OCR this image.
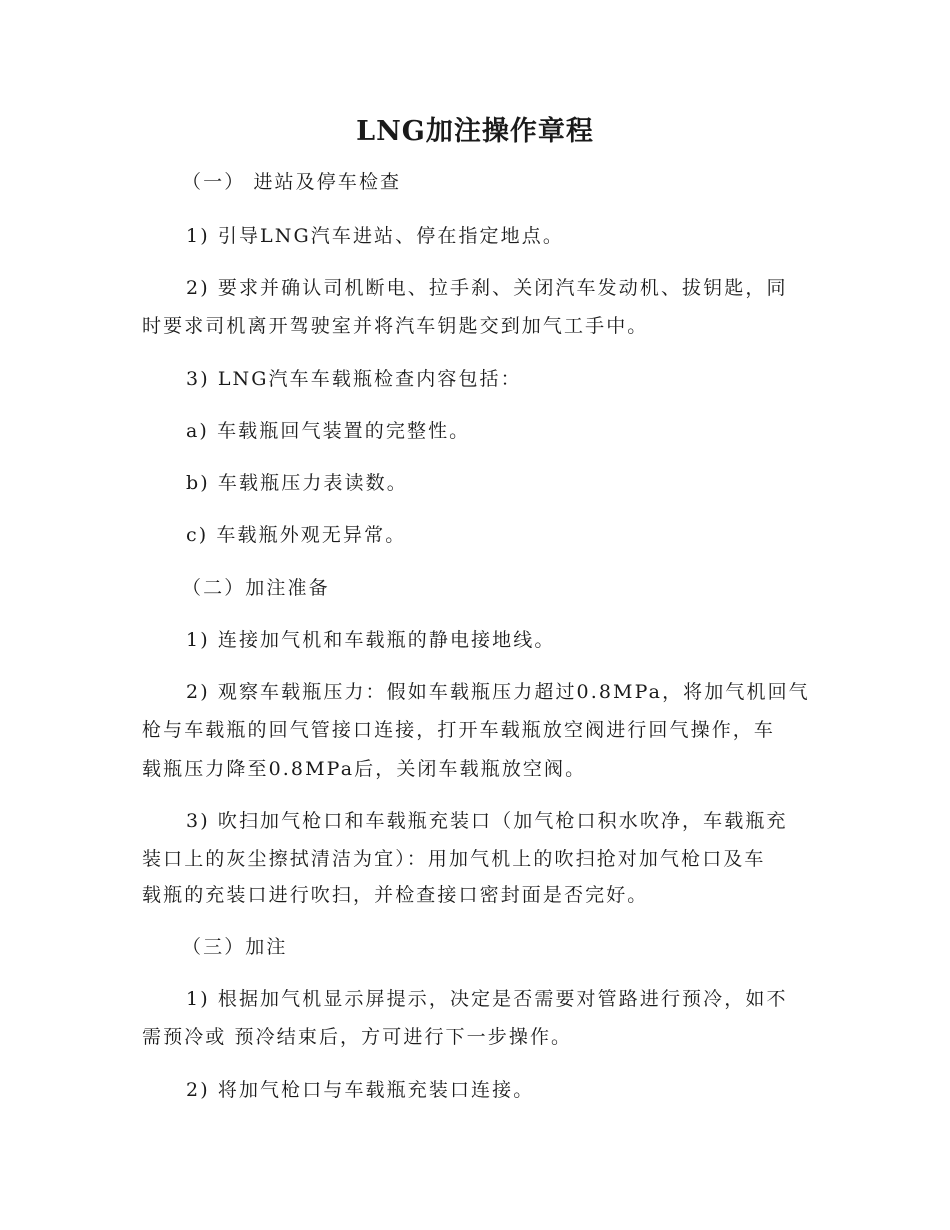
LNG加注操作章程
（一） 进站及停车检查
1) 引导LNG汽车进站、停在指定地点。
2) 要求并确认司机断电、拉手刹、关闭汽车发动机、拔钥匙，同
时要求司机离开驾驶室并将汽车钥匙交到加气工手中。
3) LNG汽车车载瓶检查内容包括：
a) 车载瓶回气装置的完整性。
b) 车载瓶压力表读数。
c) 车载瓶外观无异常。
（二）加注准备
1) 连接加气机和车载瓶的静电接地线。
2) 观察车载瓶压力：假如车载瓶压力超过0.8MPa，将加气机回气
枪与车载瓶的回气管接口连接，打开车载瓶放空阀进行回气操作，车
载瓶压力降至0.8MPa后，关闭车载瓶放空阀。
3) 吹扫加气枪口和车载瓶充装口（加气枪口积水吹净，车载瓶充
装口上的灰尘擦拭清洁为宜）：用加气机上的吹扫抢对加气枪口及车
载瓶的充装口进行吹扫，并检查接口密封面是否完好。
（三）加注
1) 根据加气机显示屏提示，决定是否需要对管路进行预冷，如不
需预冷或 预冷结束后，方可进行下一步操作。
2) 将加气枪口与车载瓶充装口连接。
